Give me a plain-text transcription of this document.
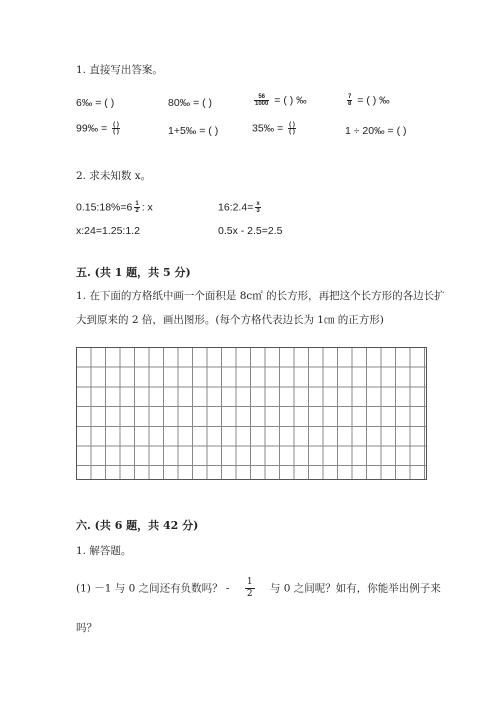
1. 直接写出答案。
6‰ = ( )	80‰ = ( )	$\frac{56}{1000}$ = ( ) ‰	$\frac{7}{8}$ = ( ) ‰
99‰ = $\frac{( )}{( )}$	1+5‰ = ( )	35‰ = $\frac{( )}{( )}$	1 ÷ 20‰ = ( )
2. 求未知数 x。
0.15:18%=6 $\frac{1}{2}$ : x	16:2.4= $\frac{x}{3}$
x:24=1.25:1.2	0.5x - 2.5=2.5
五. (共 1 题，共 5 分)
1. 在下面的方格纸中画一个面积是 8c㎡ 的长方形，再把这个长方形的各边长扩
大到原来的 2 倍，画出图形。(每个方格代表边长为 1㎝ 的正方形)
六. (共 6 题，共 42 分)
1. 解答题。
(1) －1 与 0 之间还有负数吗？ - $\frac{1}{2}$ 与 0 之间呢？如有，你能举出例子来
吗？
